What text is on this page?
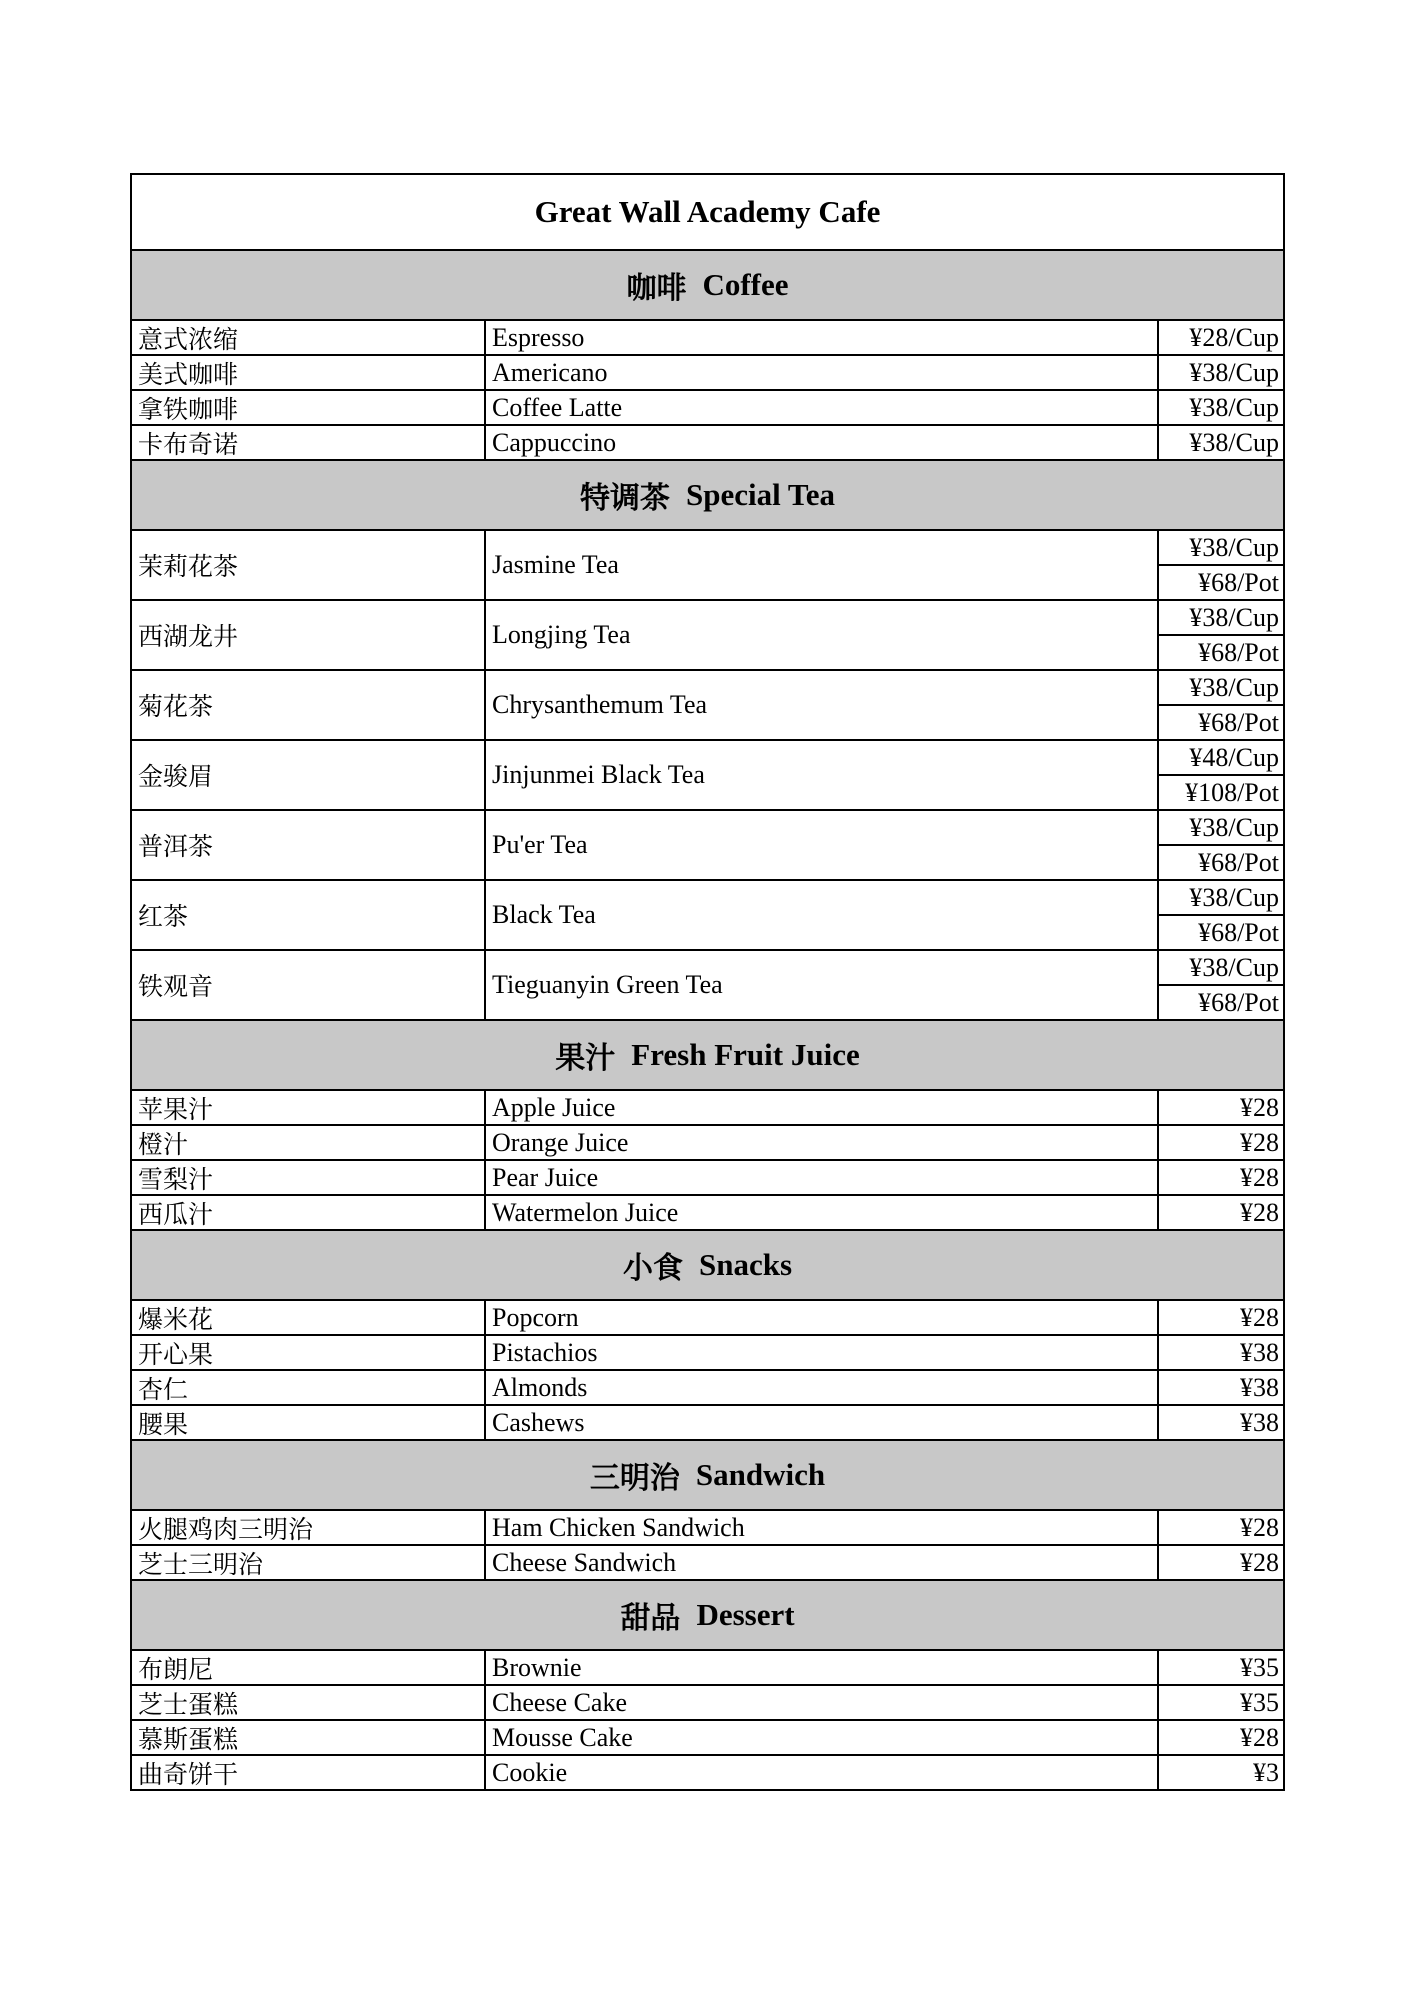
Great Wall Academy Cafe
咖啡 Coffee
意式浓缩	Espresso	¥28/Cup
美式咖啡	Americano	¥38/Cup
拿铁咖啡	Coffee Latte	¥38/Cup
卡布奇诺	Cappuccino	¥38/Cup
特调茶 Special Tea
茉莉花茶	Jasmine Tea
¥38/Cup
¥68/Pot
西湖龙井	Longjing Tea
¥38/Cup
¥68/Pot
菊花茶	Chrysanthemum Tea
¥38/Cup
¥68/Pot
金骏眉	Jinjunmei Black Tea
¥48/Cup
¥108/Pot
普洱茶	Pu'er Tea
¥38/Cup
¥68/Pot
红茶	Black Tea
¥38/Cup
¥68/Pot
铁观音	Tieguanyin Green Tea
¥38/Cup
¥68/Pot
果汁 Fresh Fruit Juice
苹果汁	Apple Juice	¥28
橙汁	Orange Juice	¥28
雪梨汁	Pear Juice	¥28
西瓜汁	Watermelon Juice	¥28
小食 Snacks
爆米花	Popcorn	¥28
开心果	Pistachios	¥38
杏仁	Almonds	¥38
腰果	Cashews	¥38
三明治 Sandwich
火腿鸡肉三明治	Ham Chicken Sandwich	¥28
芝士三明治	Cheese Sandwich	¥28
甜品 Dessert
布朗尼	Brownie	¥35
芝士蛋糕	Cheese Cake	¥35
慕斯蛋糕	Mousse Cake	¥28
曲奇饼干	Cookie	¥3
